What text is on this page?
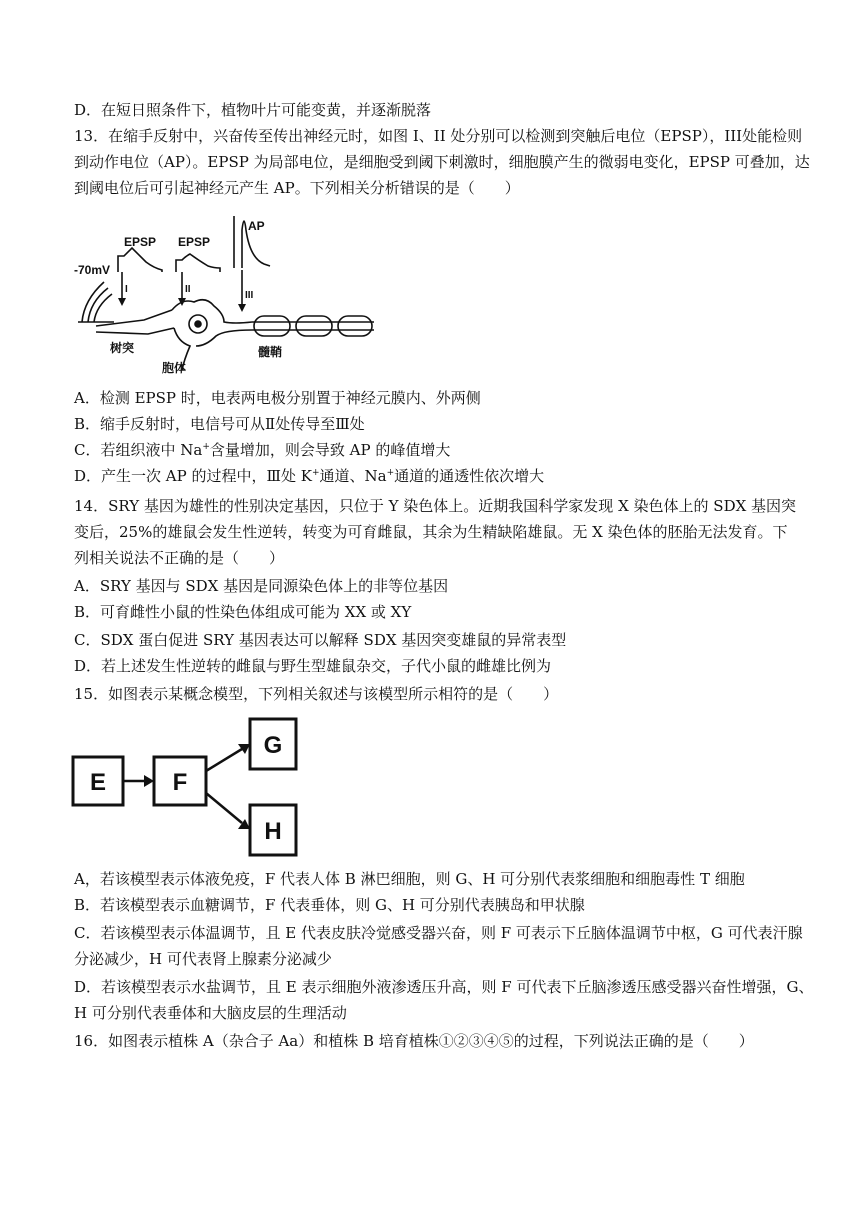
D．在短日照条件下，植物叶片可能变黄，并逐渐脱落
13．在缩手反射中，兴奋传至传出神经元时，如图 I、II 处分别可以检测到突触后电位（EPSP），III处能检则
到动作电位（AP）。EPSP 为局部电位，是细胞受到阈下刺激时，细胞膜产生的微弱电变化，EPSP 可叠加，达
到阈电位后可引起神经元产生 AP。下列相关分析错误的是（　　）
EPSP EPSP
AP
-70mV
I	II
III
树突
胞体
髓鞘
A．检测 EPSP 时，电表两电极分别置于神经元膜内、外两侧
B．缩手反射时，电信号可从Ⅱ处传导至Ⅲ处
C．若组织液中 Na+含量增加，则会导致 AP 的峰值增大
D．产生一次 AP 的过程中，Ⅲ处 K+通道、Na+通道的通透性依次增大
14．SRY 基因为雄性的性别决定基因，只位于 Y 染色体上。近期我国科学家发现 X 染色体上的 SDX 基因突
变后，25%的雄鼠会发生性逆转，转变为可育雌鼠，其余为生精缺陷雄鼠。无 X 染色体的胚胎无法发育。下
列相关说法不正确的是（　　）
A．SRY 基因与 SDX 基因是同源染色体上的非等位基因
B．可育雌性小鼠的性染色体组成可能为 XX 或 XY
C．SDX 蛋白促进 SRY 基因表达可以解释 SDX 基因突变雄鼠的异常表型
D．若上述发生性逆转的雌鼠与野生型雄鼠杂交，子代小鼠的雌雄比例为
15．如图表示某概念模型，下列相关叙述与该模型所示相符的是（　　）
E	F
G
H
A，若该模型表示体液免疫，F 代表人体 B 淋巴细胞，则 G、H 可分别代表浆细胞和细胞毒性 T 细胞
B．若该模型表示血糖调节，F 代表垂体，则 G、H 可分别代表胰岛和甲状腺
C．若该模型表示体温调节，且 E 代表皮肤冷觉感受器兴奋，则 F 可表示下丘脑体温调节中枢，G 可代表汗腺
分泌减少，H 可代表肾上腺素分泌减少
D．若该模型表示水盐调节，且 E 表示细胞外液渗透压升高，则 F 可代表下丘脑渗透压感受器兴奋性增强，G、
H 可分别代表垂体和大脑皮层的生理活动
16．如图表示植株 A（杂合子 Aa）和植株 B 培育植株①②③④⑤的过程，下列说法正确的是（　　）
